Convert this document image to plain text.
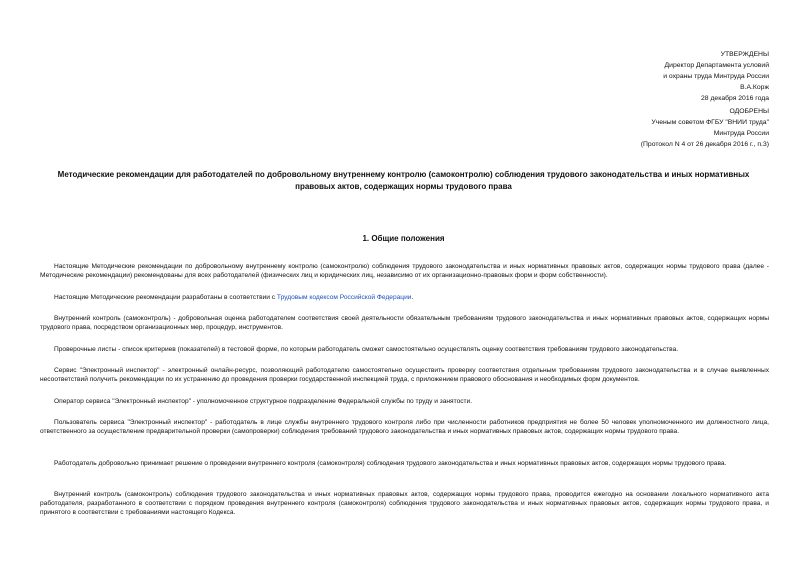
УТВЕРЖДЕНЫ
Директор Департамента условий
и охраны труда Минтруда России
В.А.Корж
28 декабря 2016 года
ОДОБРЕНЫ
Ученым советом ФГБУ "ВНИИ труда"
Минтруда России
(Протокол N 4 от 26 декабря 2016 г., п.3)
Методические рекомендации для работодателей по добровольному внутреннему контролю (самоконтролю) соблюдения трудового законодательства и иных нормативных правовых актов, содержащих нормы трудового права
1. Общие положения

Настоящие Методические рекомендации по добровольному внутреннему контролю (самоконтролю) соблюдения трудового законодательства и иных нормативных правовых актов, содержащих нормы трудового права (далее - Методические рекомендации) рекомендованы для всех работодателей (физических лиц и юридических лиц, независимо от их организационно-правовых форм и форм собственности).

Настоящие Методические рекомендации разработаны в соответствии с Трудовым кодексом Российской Федерации.

Внутренний контроль (самоконтроль) - добровольная оценка работодателем соответствия своей деятельности обязательным требованиям трудового законодательства и иных нормативных правовых актов, содержащих нормы трудового права, посредством организационных мер, процедур, инструментов.

Проверочные листы - список критериев (показателей) в тестовой форме, по которым работодатель сможет самостоятельно осуществлять оценку соответствия требованиям трудового законодательства.

Сервис "Электронный инспектор" - электронный онлайн-ресурс, позволяющий работодателю самостоятельно осуществить проверку соответствия отдельным требованиям трудового законодательства и в случае выявленных несоответствий получить рекомендации по их устранению до проведения проверки государственной инспекцией труда, с приложением правового обоснования и необходимых форм документов.

Оператор сервиса "Электронный инспектор" - уполномоченное структурное подразделение Федеральной службы по труду и занятости.

Пользователь сервиса "Электронный инспектор" - работодатель в лице службы внутреннего трудового контроля либо при численности работников предприятия не более 50 человек уполномоченного им должностного лица, ответственного за осуществление предварительной проверки (самопроверки) соблюдения требований трудового законодательства и иных нормативных правовых актов, содержащих нормы трудового права.

Работодатель добровольно принимает решение о проведении внутреннего контроля (самоконтроля) соблюдения трудового законодательства и иных нормативных правовых актов, содержащих нормы трудового права.

Внутренний контроль (самоконтроль) соблюдения трудового законодательства и иных нормативных правовых актов, содержащих нормы трудового права, проводится ежегодно на основании локального нормативного акта работодателя, разработанного в соответствии с порядком проведения внутреннего контроля (самоконтроля) соблюдения трудового законодательства и иных нормативных правовых актов, содержащих нормы трудового права, и принятого в соответствии с требованиями настоящего Кодекса.
